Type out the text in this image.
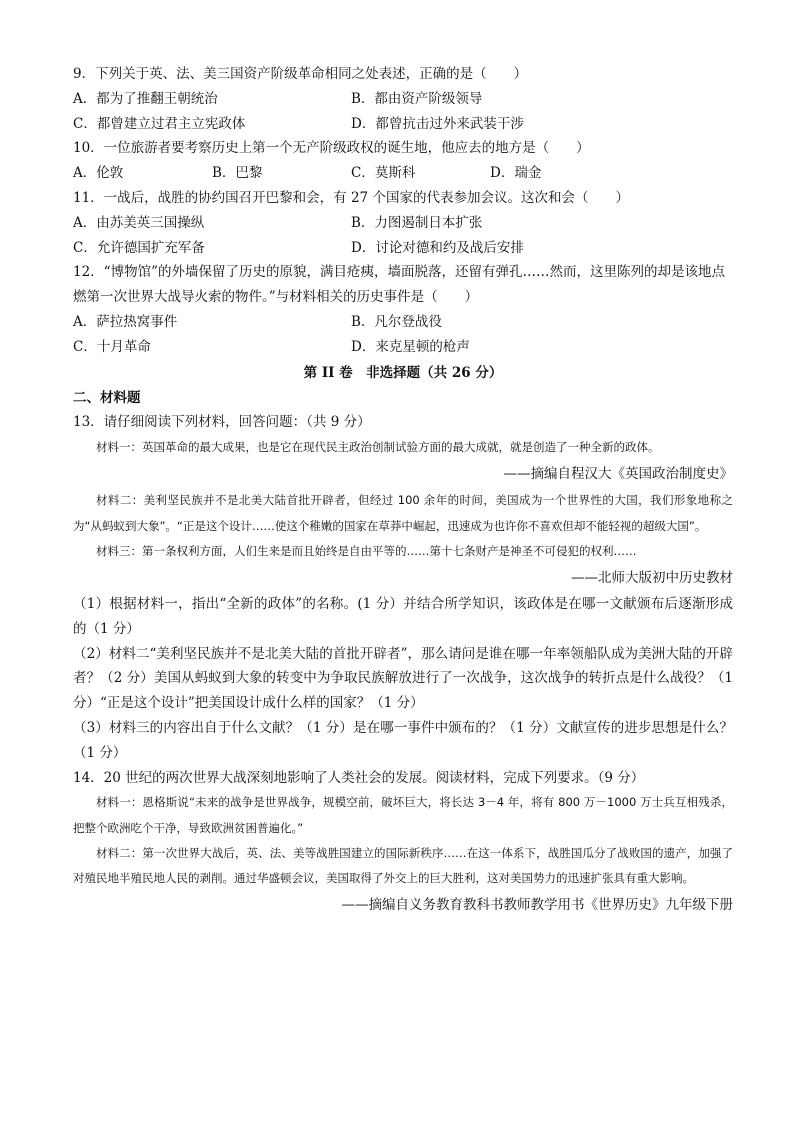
9．下列关于英、法、美三国资产阶级革命相同之处表述，正确的是（　　）
A．都为了推翻王朝统治	B．都由资产阶级领导
C．都曾建立过君主立宪政体	D．都曾抗击过外来武装干涉
10．一位旅游者要考察历史上第一个无产阶级政权的诞生地，他应去的地方是（　　）
A．伦敦	B．巴黎	C．莫斯科	D．瑞金
11．一战后，战胜的协约国召开巴黎和会，有 27 个国家的代表参加会议。这次和会（　　）
A．由苏美英三国操纵	B．力图遏制日本扩张
C．允许德国扩充军备	D．讨论对德和约及战后安排
12．“博物馆”的外墙保留了历史的原貌，满目疮痍，墙面脱落，还留有弹孔……然而，这里陈列的却是该地点燃第一次世界大战导火索的物件。”与材料相关的历史事件是（　　）
A．萨拉热窝事件	B．凡尔登战役
C．十月革命	D．来克星顿的枪声
第 II 卷　非选择题（共 26 分）
二、材料题
13．请仔细阅读下列材料，回答问题：（共 9 分）
材料一：英国革命的最大成果，也是它在现代民主政治创制试验方面的最大成就，就是创造了一种全新的政体。
——摘编自程汉大《英国政治制度史》
材料二：美利坚民族并不是北美大陆首批开辟者，但经过 100 余年的时间，美国成为一个世界性的大国，我们形象地称之为“从蚂蚁到大象”。“正是这个设计……使这个稚嫩的国家在草莽中崛起，迅速成为也许你不喜欢但却不能轻视的超级大国”。
材料三：第一条权利方面，人们生来是而且始终是自由平等的……第十七条财产是神圣不可侵犯的权利……
——北师大版初中历史教材
（1）根据材料一，指出“全新的政体”的名称。(1 分）并结合所学知识，该政体是在哪一文献颁布后逐渐形成的（1 分）
（2）材料二“美利坚民族并不是北美大陆的首批开辟者”，那么请问是谁在哪一年率领船队成为美洲大陆的开辟者？（2 分）美国从蚂蚁到大象的转变中为争取民族解放进行了一次战争，这次战争的转折点是什么战役？（1 分）“正是这个设计”把美国设计成什么样的国家？（1 分）
（3）材料三的内容出自于什么文献？（1 分）是在哪一事件中颁布的？（1 分）文献宣传的进步思想是什么？（1 分）
14．20 世纪的两次世界大战深刻地影响了人类社会的发展。阅读材料，完成下列要求。（9 分）
材料一：恩格斯说“未来的战争是世界战争，规模空前，破坏巨大，将长达 3－4 年，将有 800 万－1000 万士兵互相残杀，把整个欧洲吃个干净，导致欧洲贫困普遍化。”
材料二：第一次世界大战后，英、法、美等战胜国建立的国际新秩序……在这一体系下，战胜国瓜分了战败国的遗产，加强了对殖民地半殖民地人民的剥削。通过华盛顿会议，美国取得了外交上的巨大胜利，这对美国势力的迅速扩张具有重大影响。
——摘编自义务教育教科书教师教学用书《世界历史》九年级下册
